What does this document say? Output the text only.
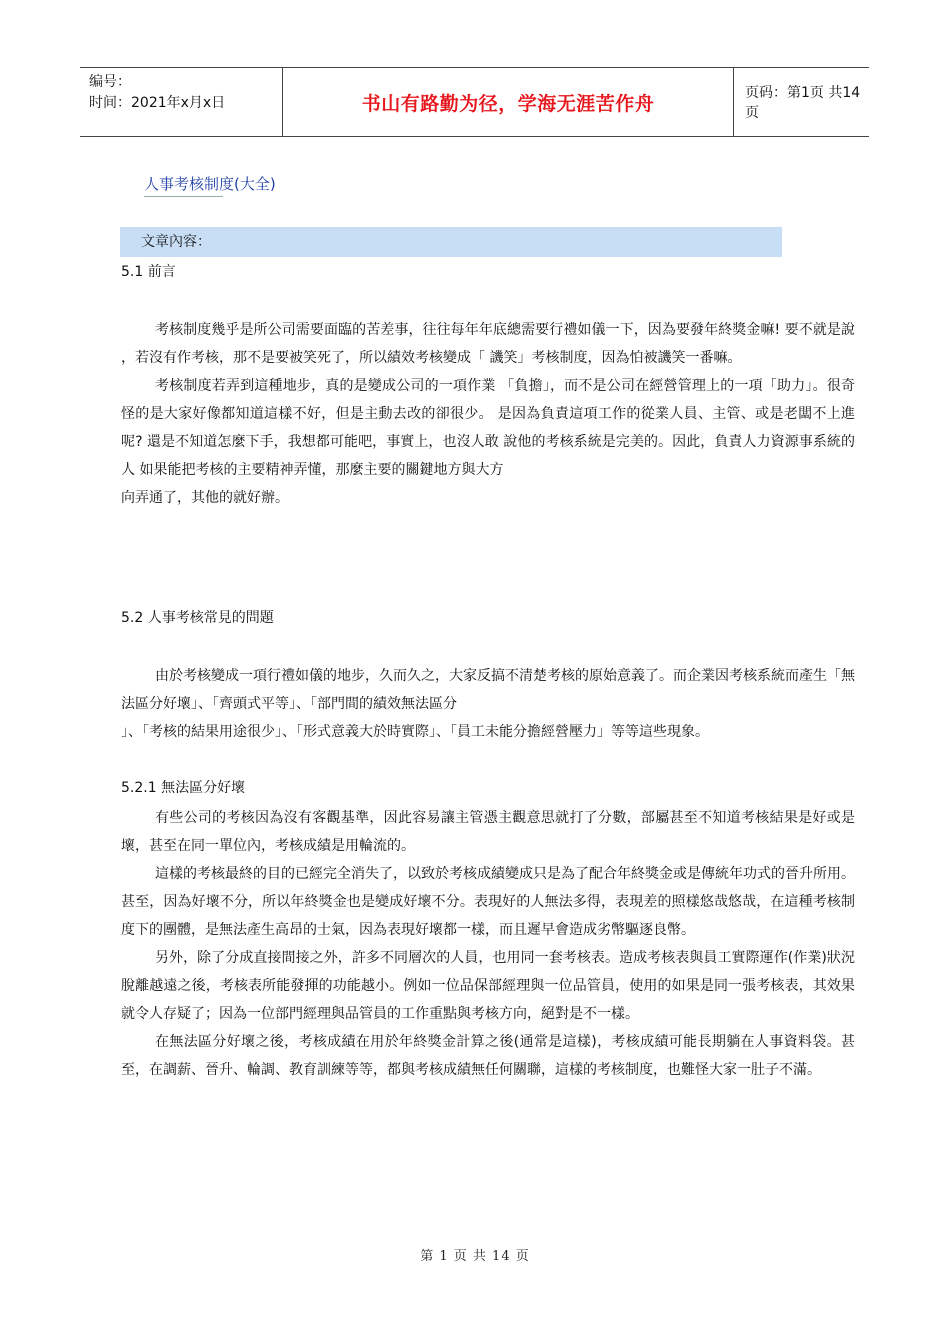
编号：
时间：2021年x月x日	书山有路勤为径，学海无涯苦作舟	页码：第1页 共14页
人事考核制度(大全)
文章內容：
5.1 前言

考核制度幾乎是所公司需要面臨的苦差事，往往每年年底總需要行禮如儀一下，因為要發年終獎金嘛! 要不就是說 ，若沒有作考核，那不是要被笑死了，所以績效考核變成「 譏笑」考核制度，因為怕被譏笑一番嘛。

考核制度若弄到這種地步，真的是變成公司的一項作業 「負擔」，而不是公司在經營管理上的一項「助力」。很奇 怪的是大家好像都知道這樣不好，但是主動去改的卻很少。 是因為負責這項工作的從業人員、主管、或是老闆不上進呢? 還是不知道怎麼下手，我想都可能吧，事實上，也沒人敢 說他的考核系統是完美的。因此，負責人力資源事系統的人 如果能把考核的主要精神弄懂，那麼主要的關鍵地方與大方

向弄通了，其他的就好辦。

5.2 人事考核常見的問題

由於考核變成一項行禮如儀的地步，久而久之，大家反搞不清楚考核的原始意義了。而企業因考核系統而產生「無法區分好壞」、「齊頭式平等」、「部門間的績效無法區分

」、「考核的結果用途很少」、「形式意義大於時實際」、「員工未能分擔經營壓力」等等這些現象。

5.2.1 無法區分好壞

有些公司的考核因為沒有客觀基準，因此容易讓主管憑主觀意思就打了分數，部屬甚至不知道考核結果是好或是壞，甚至在同一單位內，考核成績是用輪流的。

這樣的考核最終的目的已經完全消失了，以致於考核成績變成只是為了配合年終獎金或是傳統年功式的晉升所用。甚至，因為好壞不分，所以年終獎金也是變成好壞不分。表現好的人無法多得，表現差的照樣悠哉悠哉，在這種考核制度下的團體，是無法產生高昂的士氣，因為表現好壞都一樣，而且遲早會造成劣幣驅逐良幣。

另外，除了分成直接間接之外，許多不同層次的人員，也用同一套考核表。造成考核表與員工實際運作(作業)狀況脫離越遠之後，考核表所能發揮的功能越小。例如一位品保部經理與一位品管員，使用的如果是同一張考核表，其效果就令人存疑了；因為一位部門經理與品管員的工作重點與考核方向，絕對是不一樣。

在無法區分好壞之後，考核成績在用於年終獎金計算之後(通常是這樣)，考核成績可能長期躺在人事資料袋。甚至，在調薪、晉升、輪調、教育訓練等等，都與考核成績無任何關聯，這樣的考核制度，也難怪大家一肚子不滿。

第 1 页 共 14 页
